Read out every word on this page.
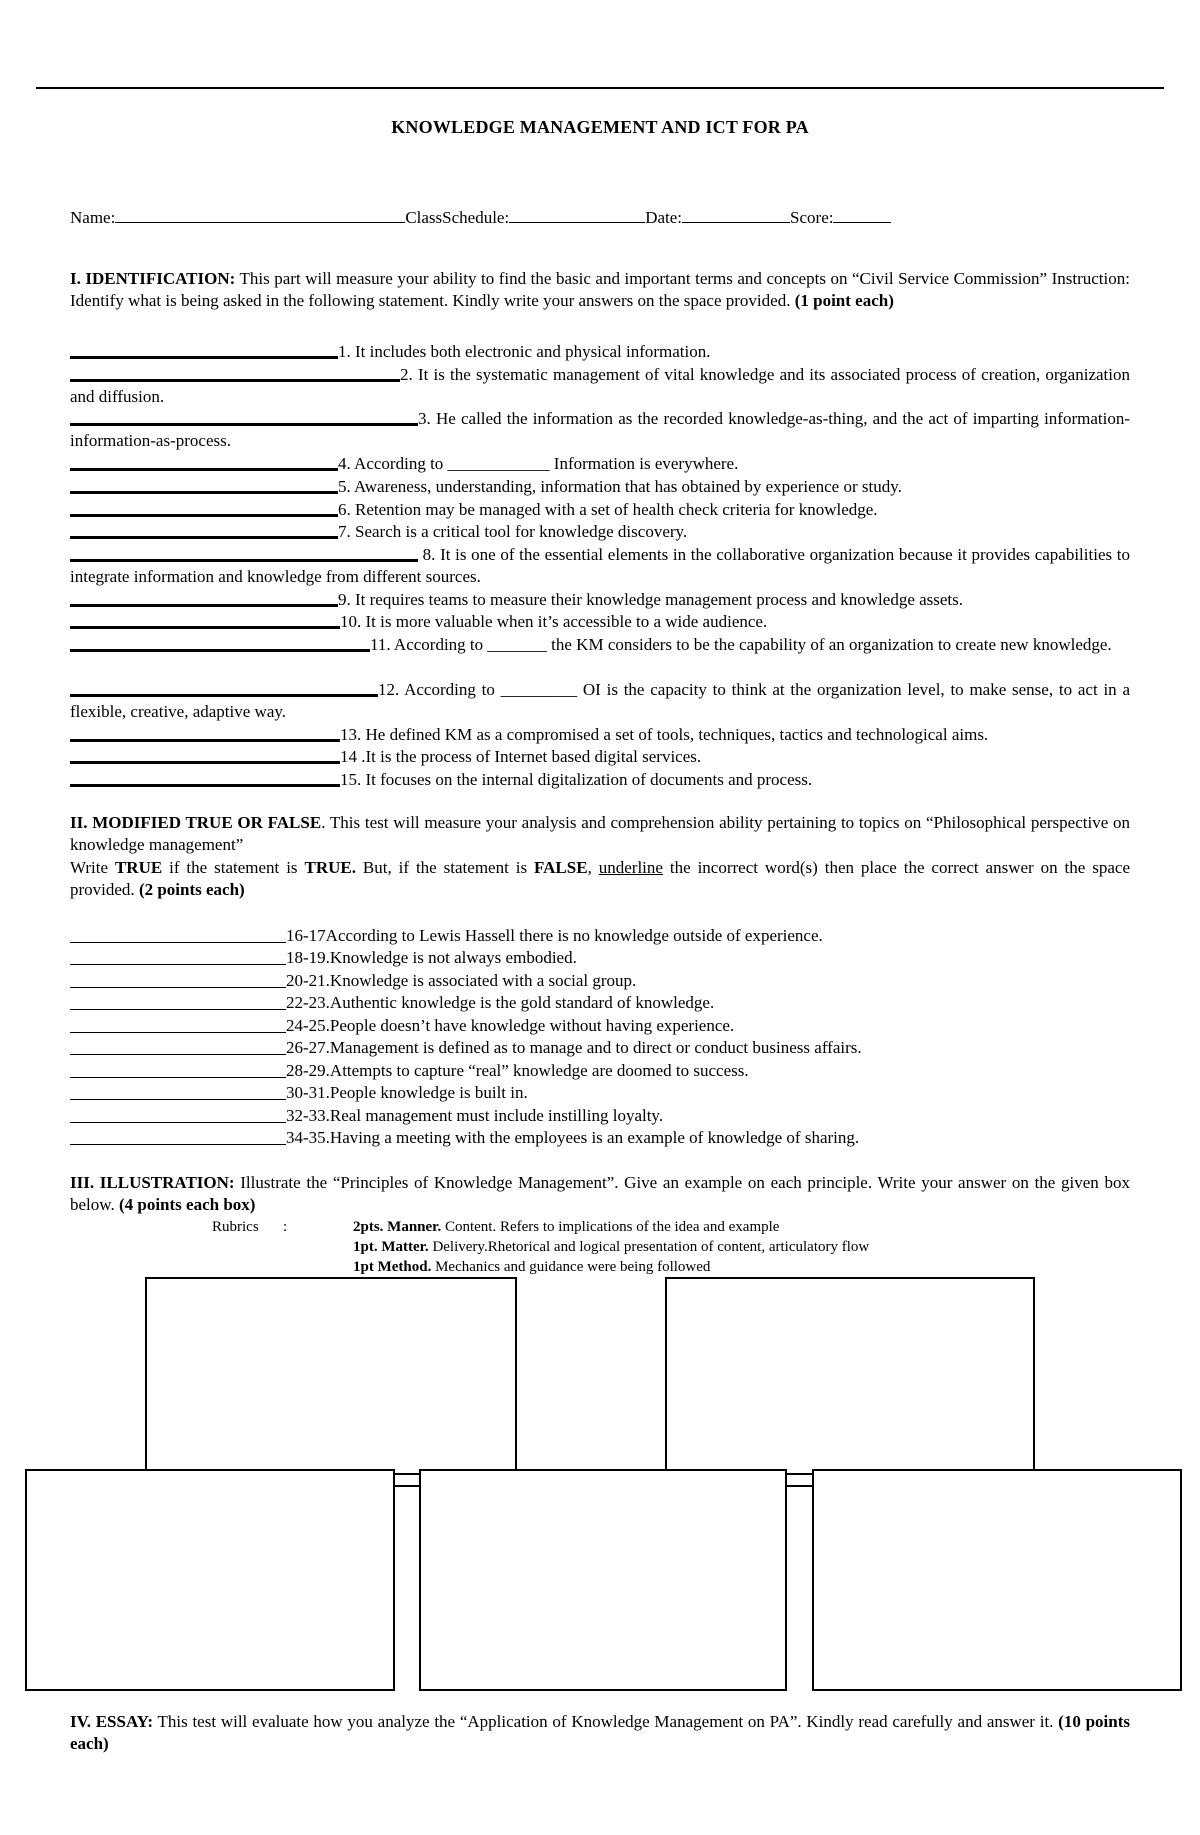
KNOWLEDGE MANAGEMENT AND ICT FOR PA
Name:	ClassSchedule:	Date:	Score:
I. IDENTIFICATION: This part will measure your ability to find the basic and important terms and concepts on “Civil Service Commission” Instruction: Identify what is being asked in the following statement. Kindly write your answers on the space provided. (1 point each)
1. It includes both electronic and physical information.
2. It is the systematic management of vital knowledge and its associated process of creation, organization and diffusion.
3. He called the information as the recorded knowledge-as-thing, and the act of imparting information-information-as-process.
4. According to ____________ Information is everywhere.
5. Awareness, understanding, information that has obtained by experience or study.
6. Retention may be managed with a set of health check criteria for knowledge.
7. Search is a critical tool for knowledge discovery.
8. It is one of the essential elements in the collaborative organization because it provides capabilities to integrate information and knowledge from different sources.
9. It requires teams to measure their knowledge management process and knowledge assets.
10. It is more valuable when it’s accessible to a wide audience.
11. According to _______ the KM considers to be the capability of an organization to create new knowledge.
12. According to _________ OI is the capacity to think at the organization level, to make sense, to act in a flexible, creative, adaptive way.
13. He defined KM as a compromised a set of tools, techniques, tactics and technological aims.
14 .It is the process of Internet based digital services.
15. It focuses on the internal digitalization of documents and process.
II. MODIFIED TRUE OR FALSE. This test will measure your analysis and comprehension ability pertaining to topics on “Philosophical perspective on knowledge management”
Write TRUE if the statement is TRUE. But, if the statement is FALSE, underline the incorrect word(s) then place the correct answer on the space provided. (2 points each)
16-17According to Lewis Hassell there is no knowledge outside of experience.
18-19.Knowledge is not always embodied.
20-21.Knowledge is associated with a social group.
22-23.Authentic knowledge is the gold standard of knowledge.
24-25.People doesn’t have knowledge without having experience.
26-27.Management is defined as to manage and to direct or conduct business affairs.
28-29.Attempts to capture “real” knowledge are doomed to success.
30-31.People knowledge is built in.
32-33.Real management must include instilling loyalty.
34-35.Having a meeting with the employees is an example of knowledge of sharing.
III. ILLUSTRATION: Illustrate the “Principles of Knowledge Management”. Give an example on each principle. Write your answer on the given box below. (4 points each box)
Rubrics :	2pts. Manner. Content. Refers to implications of the idea and example
1pt. Matter. Delivery.Rhetorical and logical presentation of content, articulatory flow
1pt Method. Mechanics and guidance were being followed
IV. ESSAY: This test will evaluate how you analyze the “Application of Knowledge Management on PA”. Kindly read carefully and answer it. (10 points each)
